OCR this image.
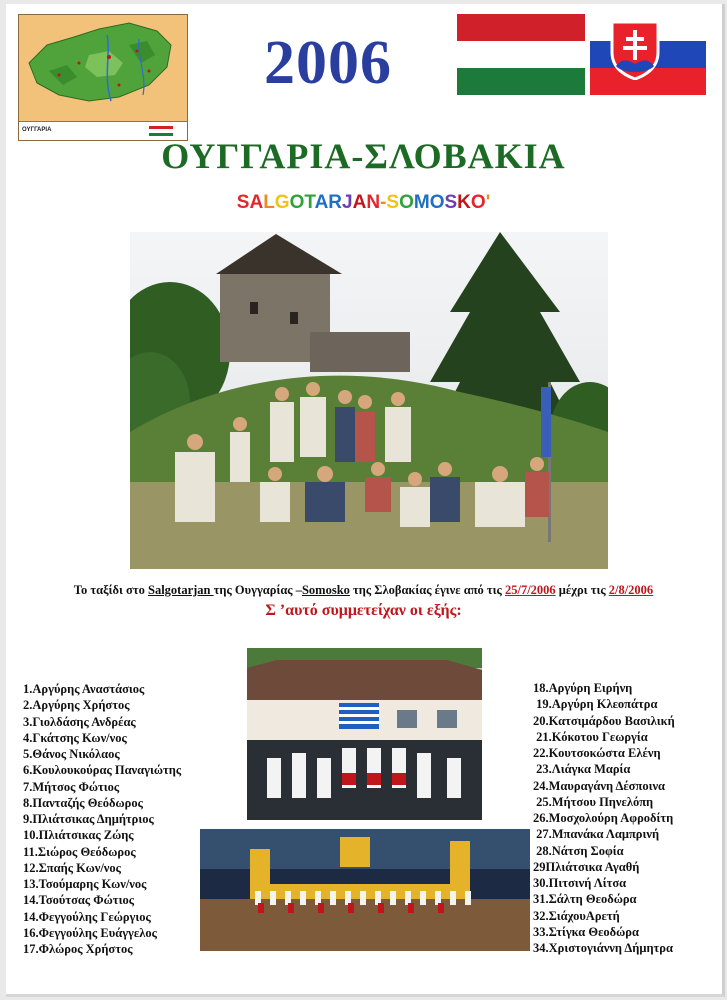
ΟΥΓΓΑΡΙΑ
2006
ΟΥΓΓΑΡΙΑ-ΣΛΟΒΑΚΙΑ
SALGOTARJAN-SOMOSKO'
Το ταξίδι στο Salgotarjan της Ουγγαρίας –Somosko της Σλοβακίας έγινε από τις 25/7/2006 μέχρι τις 2/8/2006
Σ ’αυτό συμμετείχαν οι εξής:
1.Αργύρης Αναστάσιος
2.Αργύρης Χρήστος
3.Γιολδάσης Ανδρέας
4.Γκάτσης Κων/νος
5.Θάνος Νικόλαος
6.Κουλουκούρας Παναγιώτης
7.Μήτσος Φώτιος
8.Πανταζής Θεόδωρος
9.Πλιάτσικας Δημήτριος
10.Πλιάτσικας Ζώης
11.Σιώρος Θεόδωρος
12.Σπαής Κων/νος
13.Τσούμαρης Κων/νος
14.Τσούτσας Φώτιος
14.Φεγγούλης Γεώργιος
16.Φεγγούλης Ευάγγελος
17.Φλώρος Χρήστος
18.Αργύρη Ειρήνη
19.Αργύρη Κλεοπάτρα
20.Κατσιμάρδου Βασιλική
21.Κόκοτου Γεωργία
22.Κουτσοκώστα Ελένη
23.Λιάγκα Μαρία
24.Μαυραγάνη Δέσποινα
25.Μήτσου Πηνελόπη
26.Μοσχολούρη Αφροδίτη
27.Μπανάκα Λαμπρινή
28.Νάτση Σοφία
29Πλιάτσικα Αγαθή
30.Πιτσινή Λίτσα
31.Σάλτη Θεοδώρα
32.ΣιάχουΑρετή
33.Στίγκα Θεοδώρα
34.Χριστογιάννη Δήμητρα
